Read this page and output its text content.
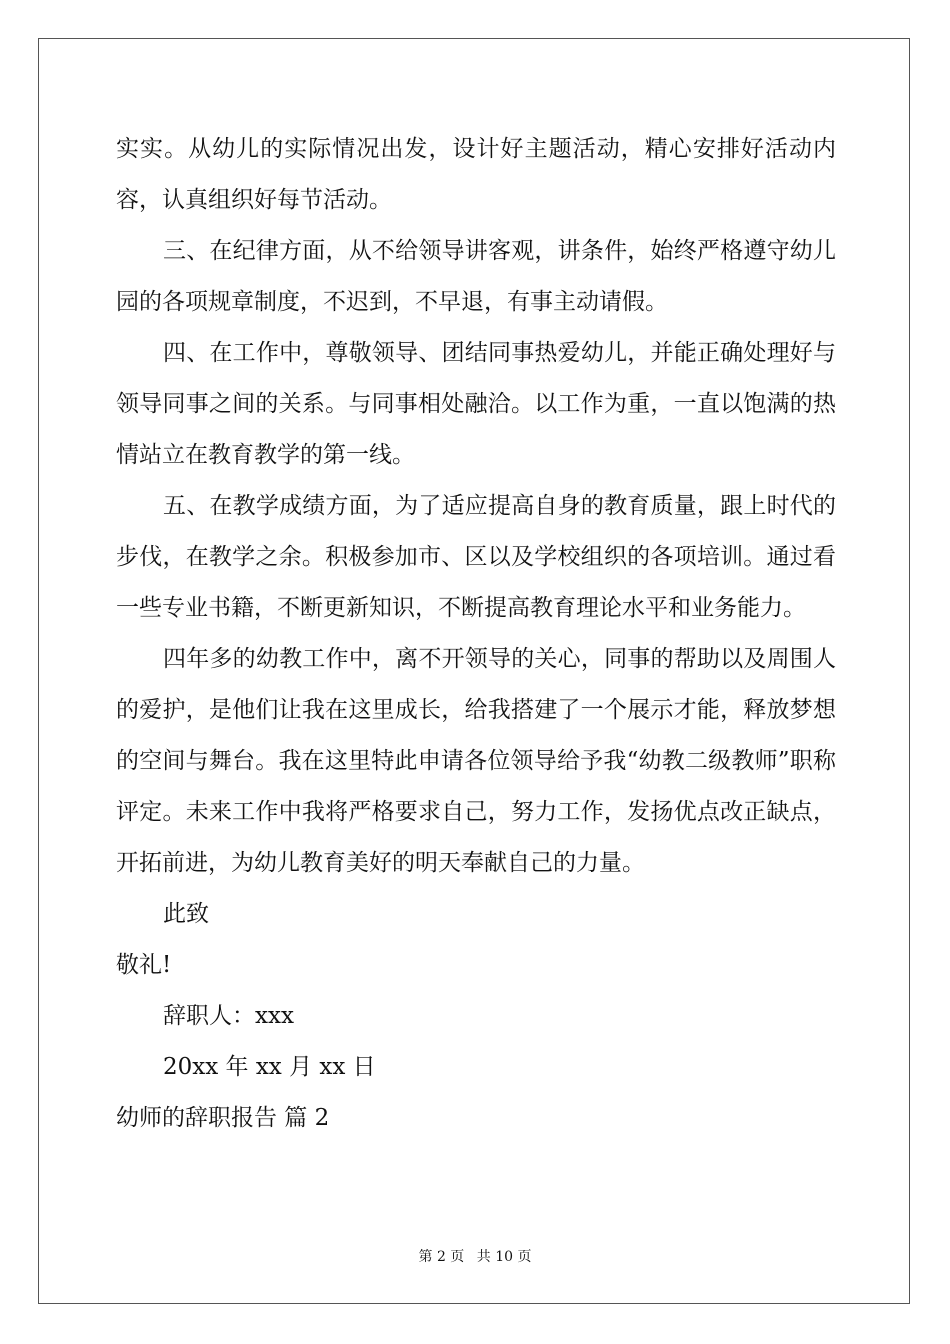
实实。从幼儿的实际情况出发，设计好主题活动，精心安排好活动内容，认真组织好每节活动。

三、在纪律方面，从不给领导讲客观，讲条件，始终严格遵守幼儿园的各项规章制度，不迟到，不早退，有事主动请假。

四、在工作中，尊敬领导、团结同事热爱幼儿，并能正确处理好与领导同事之间的关系。与同事相处融洽。以工作为重，一直以饱满的热情站立在教育教学的第一线。

五、在教学成绩方面，为了适应提高自身的教育质量，跟上时代的步伐，在教学之余。积极参加市、区以及学校组织的各项培训。通过看一些专业书籍，不断更新知识，不断提高教育理论水平和业务能力。

四年多的幼教工作中，离不开领导的关心，同事的帮助以及周围人的爱护，是他们让我在这里成长，给我搭建了一个展示才能，释放梦想的空间与舞台。我在这里特此申请各位领导给予我“幼教二级教师”职称评定。未来工作中我将严格要求自己，努力工作，发扬优点改正缺点，开拓前进，为幼儿教育美好的明天奉献自己的力量。

此致

敬礼!

辞职人：xxx

20xx 年 xx 月 xx 日

幼师的辞职报告 篇 2

第 2 页 共 10 页
